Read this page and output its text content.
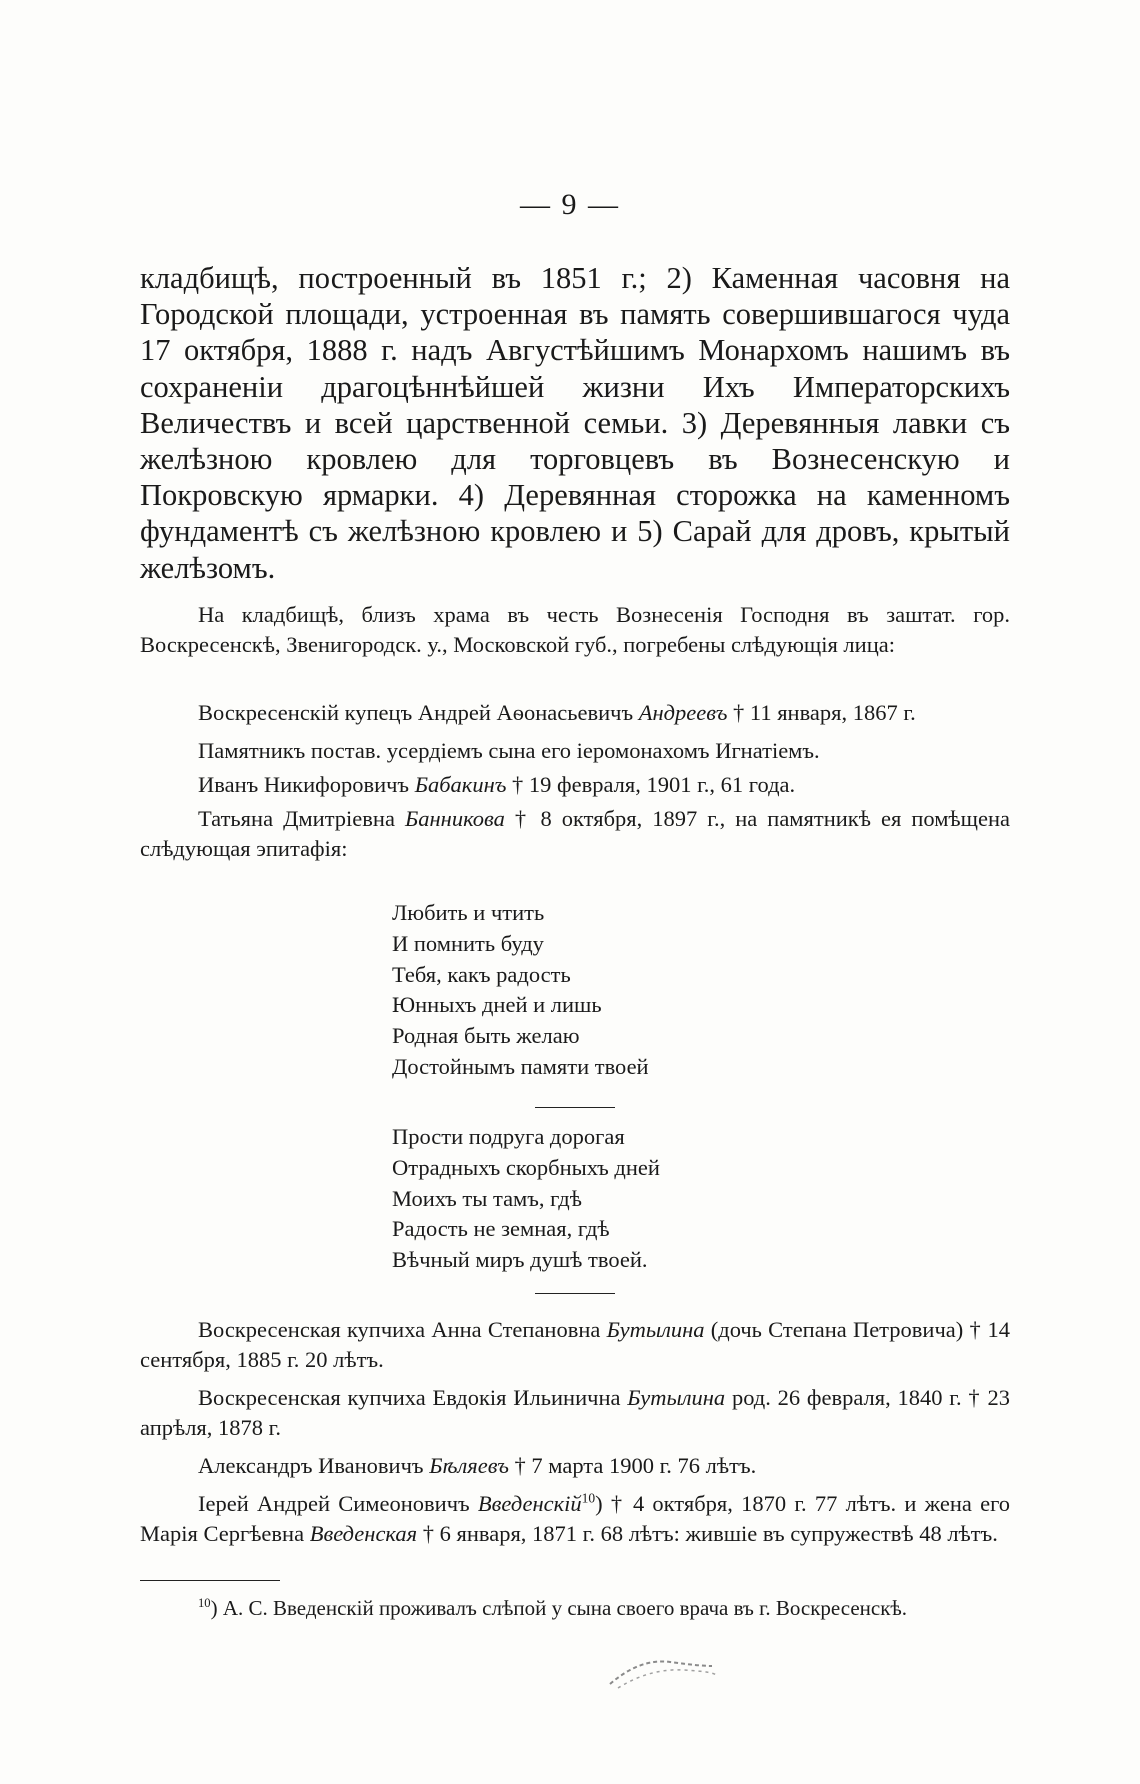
— 9 —
кладбищѣ, построенный въ 1851 г.; 2) Каменная часовня на Городской площади, устроенная въ память совершившагося чуда 17 октября, 1888 г. надъ Августѣйшимъ Монархомъ нашимъ въ сохраненіи драгоцѣннѣйшей жизни Ихъ Императорскихъ Величествъ и всей царственной семьи. 3) Деревянныя лавки съ желѣзною кровлею для торговцевъ въ Вознесенскую и Покровскую ярмарки. 4) Деревянная сторожка на каменномъ фундаментѣ съ желѣзною кровлею и 5) Сарай для дровъ, крытый желѣзомъ.

На кладбищѣ, близъ храма въ честь Вознесенія Господня въ заштат. гор. Воскресенскѣ, Звенигородск. у., Московской губ., погребены слѣдующія лица:

Воскресенскій купецъ Андрей Аѳонасьевичъ Андреевъ † 11 января, 1867 г.

Памятникъ постав. усердіемъ сына его іеромонахомъ Игнатіемъ.

Иванъ Никифоровичъ Бабакинъ † 19 февраля, 1901 г., 61 года.

Татьяна Дмитріевна Банникова † 8 октября, 1897 г., на памятникѣ ея помѣщена слѣдующая эпитафія:

Любить и чтить
И помнить буду
Тебя, какъ радость
Юнныхъ дней и лишь
Родная быть желаю
Достойнымъ памяти твоей
Прости подруга дорогая
Отрадныхъ скорбныхъ дней
Моихъ ты тамъ, гдѣ
Радость не земная, гдѣ
Вѣчный миръ душѣ твоей.

Воскресенская купчиха Анна Степановна Бутылина (дочь Степана Петровича) † 14 сентября, 1885 г. 20 лѣтъ.

Воскресенская купчиха Евдокія Ильинична Бутылина род. 26 февраля, 1840 г. † 23 апрѣля, 1878 г.

Александръ Ивановичъ Бѣляевъ † 7 марта 1900 г. 76 лѣтъ.

Іерей Андрей Симеоновичъ Введенскій$^{10}$) † 4 октября, 1870 г. 77 лѣтъ. и жена его Марія Сергѣевна Введенская † 6 января, 1871 г. 68 лѣтъ: жившіе въ супружествѣ 48 лѣтъ.

$^{10}$) А. С. Введенскій проживалъ слѣпой у сына своего врача въ г. Воскресенскѣ.
